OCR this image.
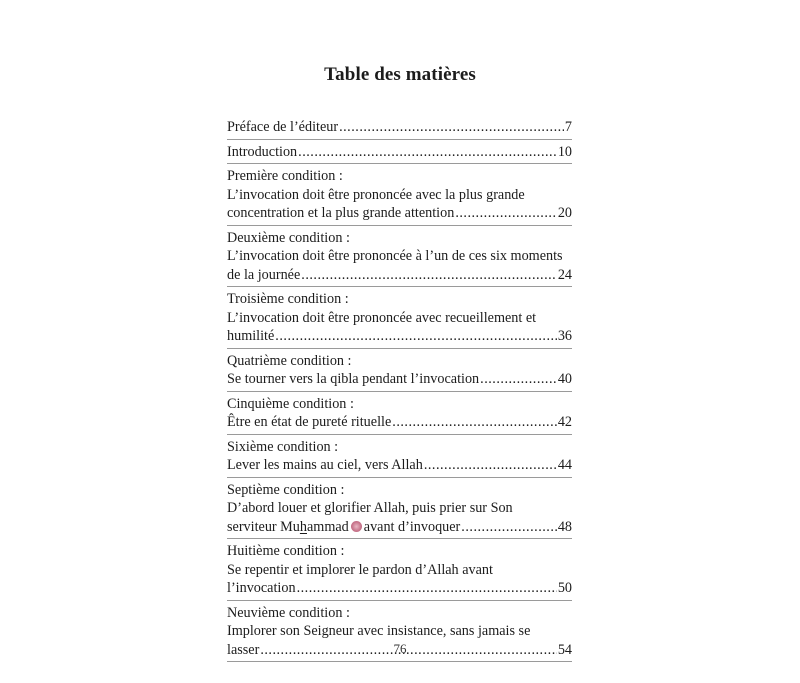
Table des matières
Préface de l’éditeur .....	7
Introduction .....	10
Première condition :
L’invocation doit être prononcée avec la plus grande
concentration et la plus grande attention .....	20
Deuxième condition :
L’invocation doit être prononcée à l’un de ces six moments
de la journée .....	24
Troisième condition :
L’invocation doit être prononcée avec recueillement et
humilité .....	36
Quatrième condition :
Se tourner vers la qibla pendant l’invocation .....	40
Cinquième condition :
Être en état de pureté rituelle .....	42
Sixième condition :
Lever les mains au ciel, vers Allah .....	44
Septième condition :
D’abord louer et glorifier Allah, puis prier sur Son
serviteur Muhammad avant d’invoquer .....	48
Huitième condition :
Se repentir et implorer le pardon d’Allah avant
l’invocation .....	50
Neuvième condition :
Implorer son Seigneur avec insistance, sans jamais se
lasser .....	54
76
